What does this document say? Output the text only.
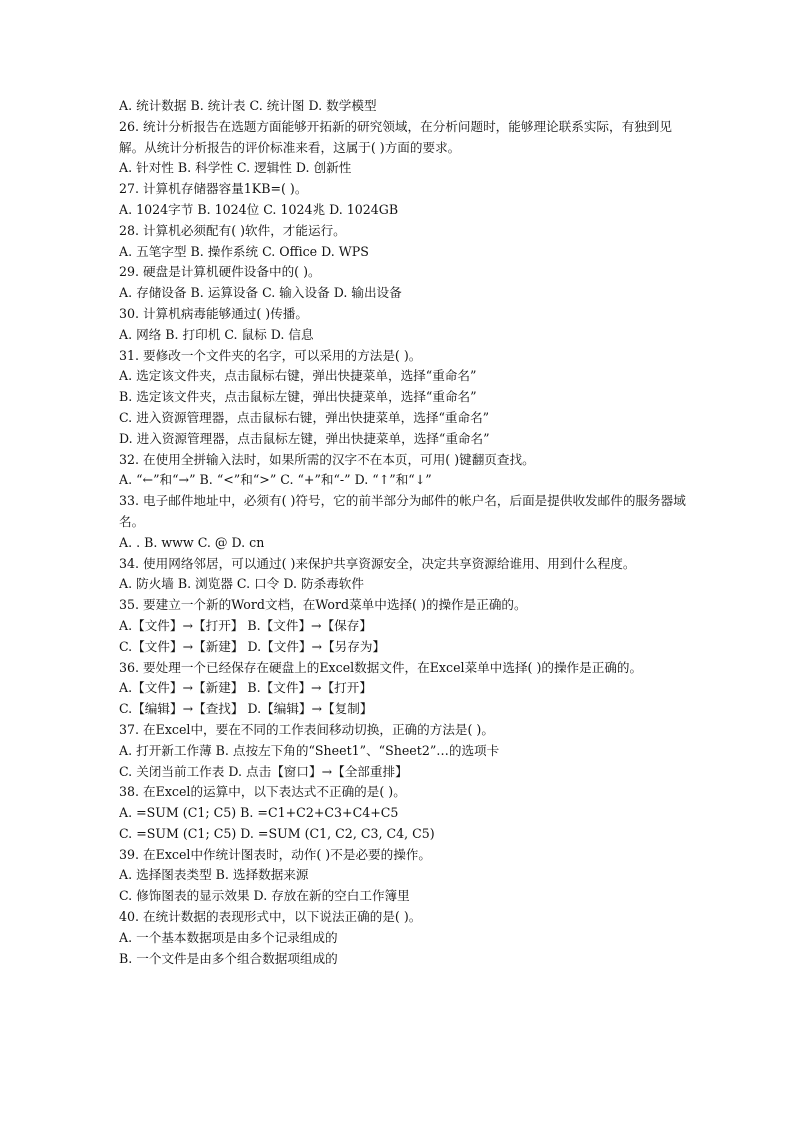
A. 统计数据 B. 统计表 C. 统计图 D. 数学模型
26. 统计分析报告在选题方面能够开拓新的研究领域，在分析问题时，能够理论联系实际，有独到见解。从统计分析报告的评价标准来看，这属于( )方面的要求。
A. 针对性 B. 科学性 C. 逻辑性 D. 创新性
27. 计算机存储器容量1KB=( )。
A. 1024字节 B. 1024位 C. 1024兆 D. 1024GB
28. 计算机必须配有( )软件，才能运行。
A. 五笔字型 B. 操作系统 C. Office D. WPS
29. 硬盘是计算机硬件设备中的( )。
A. 存储设备 B. 运算设备 C. 输入设备 D. 输出设备
30. 计算机病毒能够通过( )传播。
A. 网络 B. 打印机 C. 鼠标 D. 信息
31. 要修改一个文件夹的名字，可以采用的方法是( )。
A. 选定该文件夹，点击鼠标右键，弹出快捷菜单，选择“重命名”
B. 选定该文件夹，点击鼠标左键，弹出快捷菜单，选择“重命名”
C. 进入资源管理器，点击鼠标右键，弹出快捷菜单，选择“重命名”
D. 进入资源管理器，点击鼠标左键，弹出快捷菜单，选择“重命名”
32. 在使用全拼输入法时，如果所需的汉字不在本页，可用( )键翻页查找。
A. “←”和“→” B. “<”和“>” C. “+”和“-” D. “↑”和“↓”
33. 电子邮件地址中，必须有( )符号，它的前半部分为邮件的帐户名，后面是提供收发邮件的服务器域名。
A. . B. www C. @ D. cn
34. 使用网络邻居，可以通过( )来保护共享资源安全，决定共享资源给谁用、用到什么程度。
A. 防火墙 B. 浏览器 C. 口令 D. 防杀毒软件
35. 要建立一个新的Word文档，在Word菜单中选择( )的操作是正确的。
A.【文件】→【打开】 B.【文件】→【保存】
C.【文件】→【新建】 D.【文件】→【另存为】
36. 要处理一个已经保存在硬盘上的Excel数据文件，在Excel菜单中选择( )的操作是正确的。
A.【文件】→【新建】 B.【文件】→【打开】
C.【编辑】→【查找】 D.【编辑】→【复制】
37. 在Excel中，要在不同的工作表间移动切换，正确的方法是( )。
A. 打开新工作薄 B. 点按左下角的“Sheet1”、“Sheet2”…的选项卡
C. 关闭当前工作表 D. 点击【窗口】→【全部重排】
38. 在Excel的运算中，以下表达式不正确的是( )。
A. =SUM (C1; C5) B. =C1+C2+C3+C4+C5
C. =SUM (C1; C5) D. =SUM (C1, C2, C3, C4, C5)
39. 在Excel中作统计图表时，动作( )不是必要的操作。
A. 选择图表类型 B. 选择数据来源
C. 修饰图表的显示效果 D. 存放在新的空白工作簿里
40. 在统计数据的表现形式中，以下说法正确的是( )。
A. 一个基本数据项是由多个记录组成的
B. 一个文件是由多个组合数据项组成的
